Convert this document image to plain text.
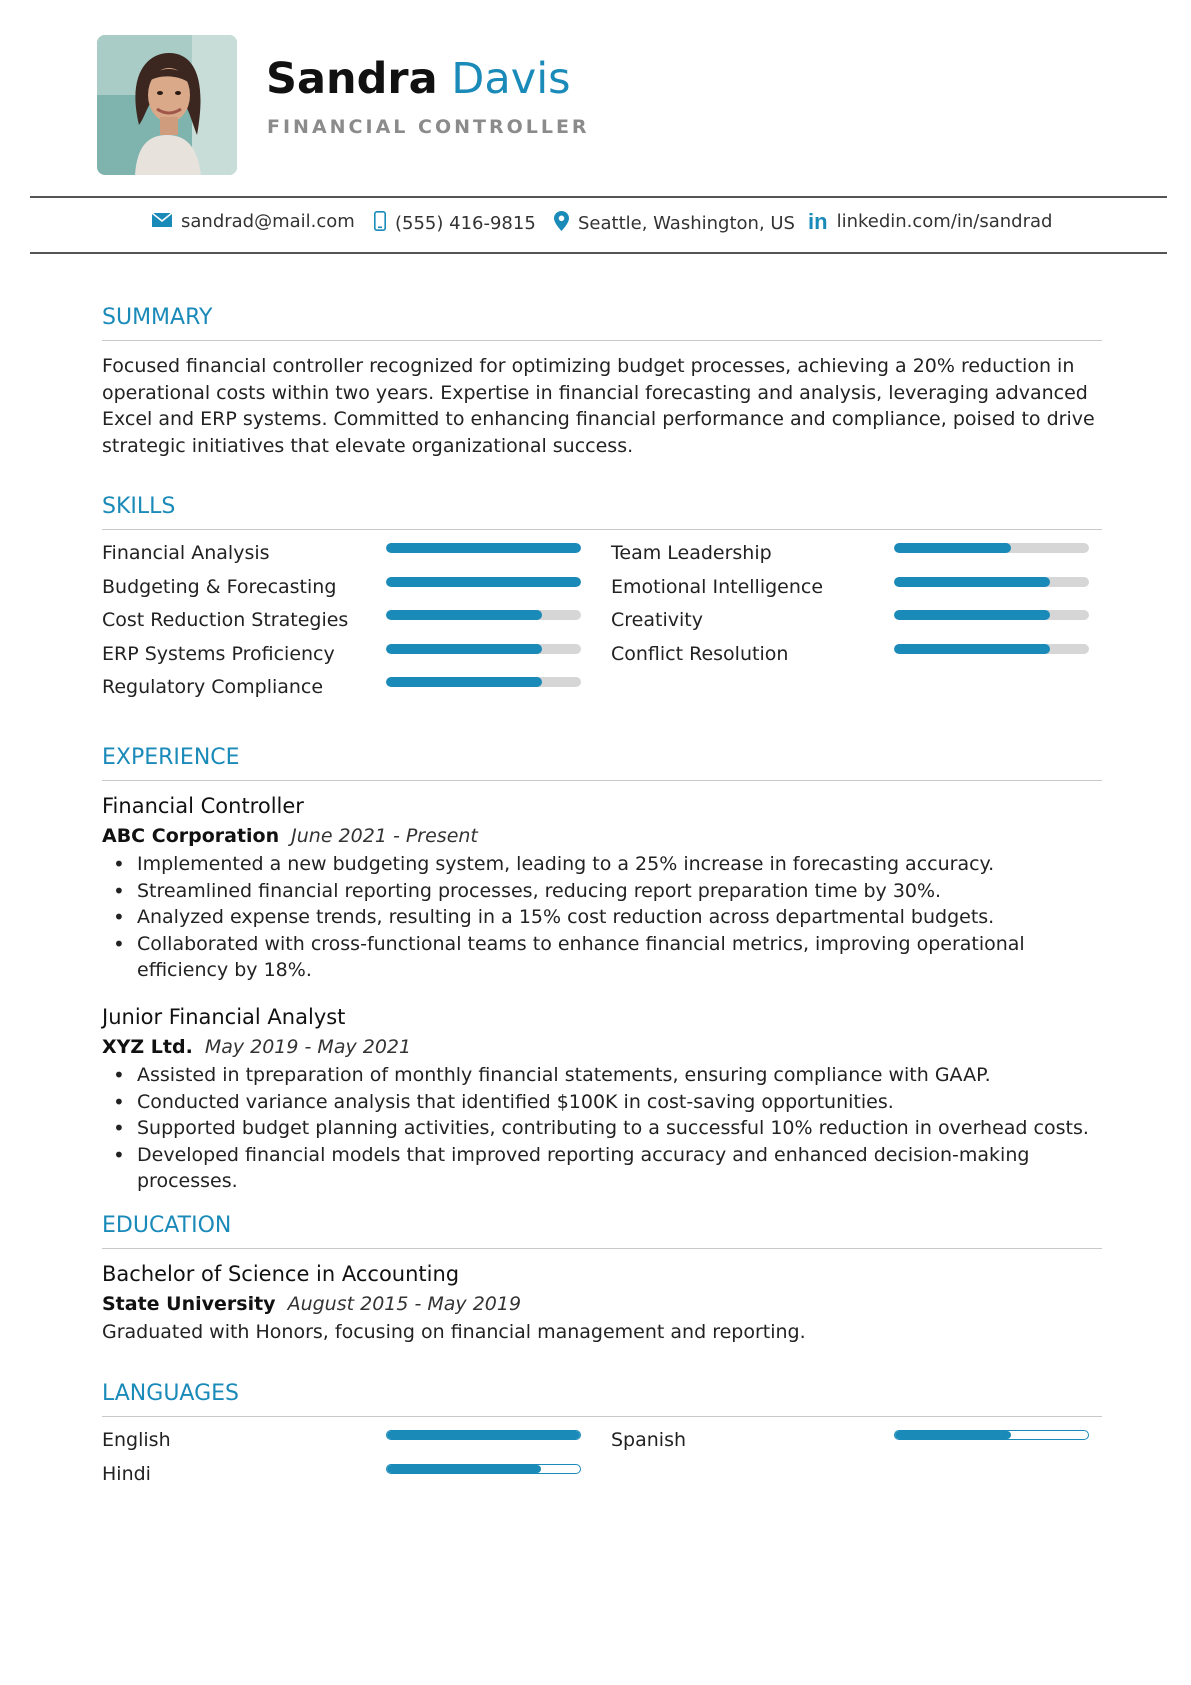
Sandra Davis
FINANCIAL CONTROLLER
sandrad@mail.com (555) 416-9815 Seattle, Washington, US in linkedin.com/in/sandrad
SUMMARY
Focused financial controller recognized for optimizing budget processes, achieving a 20% reduction in operational costs within two years. Expertise in financial forecasting and analysis, leveraging advanced Excel and ERP systems. Committed to enhancing financial performance and compliance, poised to drive strategic initiatives that elevate organizational success.
SKILLS
Financial Analysis
Budgeting & Forecasting
Cost Reduction Strategies
ERP Systems Proficiency
Regulatory Compliance
Team Leadership
Emotional Intelligence
Creativity
Conflict Resolution
EXPERIENCE
Financial Controller
ABC Corporation June 2021 - Present
• Implemented a new budgeting system, leading to a 25% increase in forecasting accuracy.
• Streamlined financial reporting processes, reducing report preparation time by 30%.
• Analyzed expense trends, resulting in a 15% cost reduction across departmental budgets.
• Collaborated with cross-functional teams to enhance financial metrics, improving operational efficiency by 18%.
Junior Financial Analyst
XYZ Ltd. May 2019 - May 2021
• Assisted in tpreparation of monthly financial statements, ensuring compliance with GAAP.
• Conducted variance analysis that identified $100K in cost-saving opportunities.
• Supported budget planning activities, contributing to a successful 10% reduction in overhead costs.
• Developed financial models that improved reporting accuracy and enhanced decision-making processes.
EDUCATION
Bachelor of Science in Accounting
State University August 2015 - May 2019
Graduated with Honors, focusing on financial management and reporting.
LANGUAGES
English
Hindi
Spanish
